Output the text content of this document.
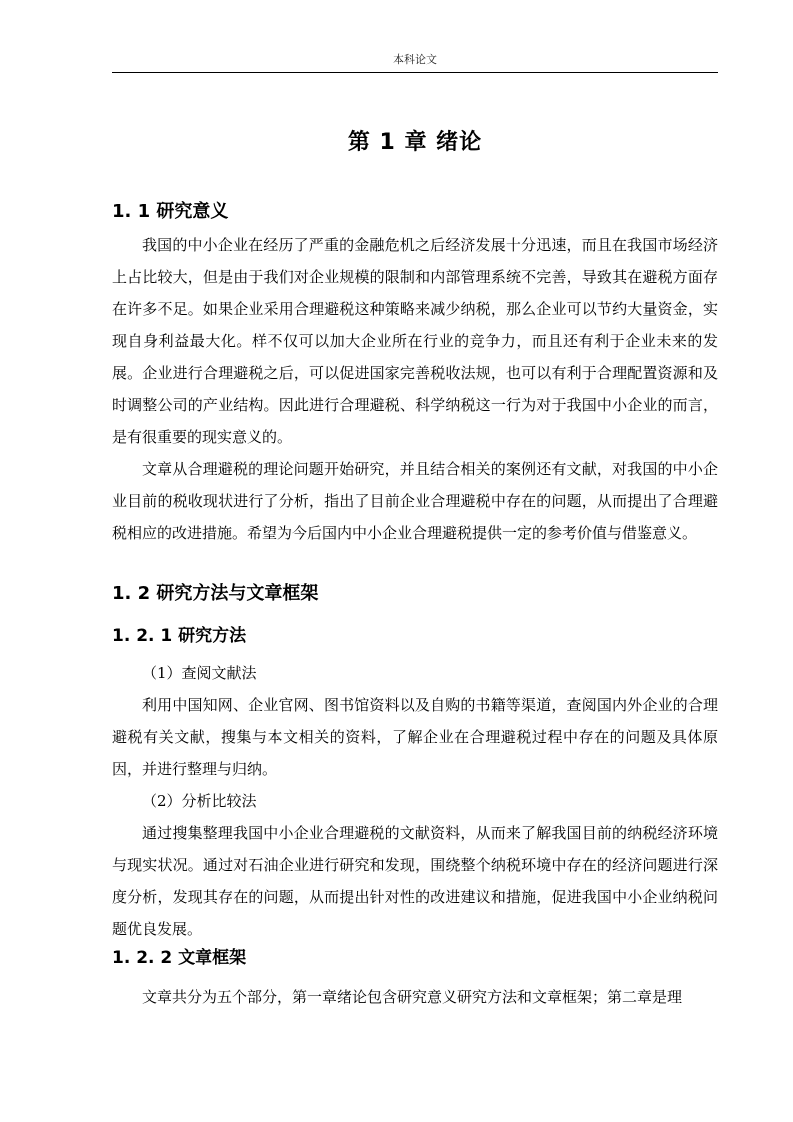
本科论文
第 1 章 绪论
1. 1 研究意义

我国的中小企业在经历了严重的金融危机之后经济发展十分迅速，而且在我国市场经济上占比较大，但是由于我们对企业规模的限制和内部管理系统不完善，导致其在避税方面存在许多不足。如果企业采用合理避税这种策略来减少纳税，那么企业可以节约大量资金，实现自身利益最大化。样不仅可以加大企业所在行业的竞争力，而且还有利于企业未来的发展。企业进行合理避税之后，可以促进国家完善税收法规，也可以有利于合理配置资源和及时调整公司的产业结构。因此进行合理避税、科学纳税这一行为对于我国中小企业的而言，是有很重要的现实意义的。

文章从合理避税的理论问题开始研究，并且结合相关的案例还有文献，对我国的中小企业目前的税收现状进行了分析，指出了目前企业合理避税中存在的问题，从而提出了合理避税相应的改进措施。希望为今后国内中小企业合理避税提供一定的参考价值与借鉴意义。

1. 2 研究方法与文章框架
1. 2. 1 研究方法

（1）查阅文献法

利用中国知网、企业官网、图书馆资料以及自购的书籍等渠道，查阅国内外企业的合理避税有关文献，搜集与本文相关的资料，了解企业在合理避税过程中存在的问题及具体原因，并进行整理与归纳。

（2）分析比较法

通过搜集整理我国中小企业合理避税的文献资料，从而来了解我国目前的纳税经济环境与现实状况。通过对石油企业进行研究和发现，围绕整个纳税环境中存在的经济问题进行深度分析，发现其存在的问题，从而提出针对性的改进建议和措施，促进我国中小企业纳税问题优良发展。

1. 2. 2 文章框架

文章共分为五个部分，第一章绪论包含研究意义研究方法和文章框架；第二章是理
